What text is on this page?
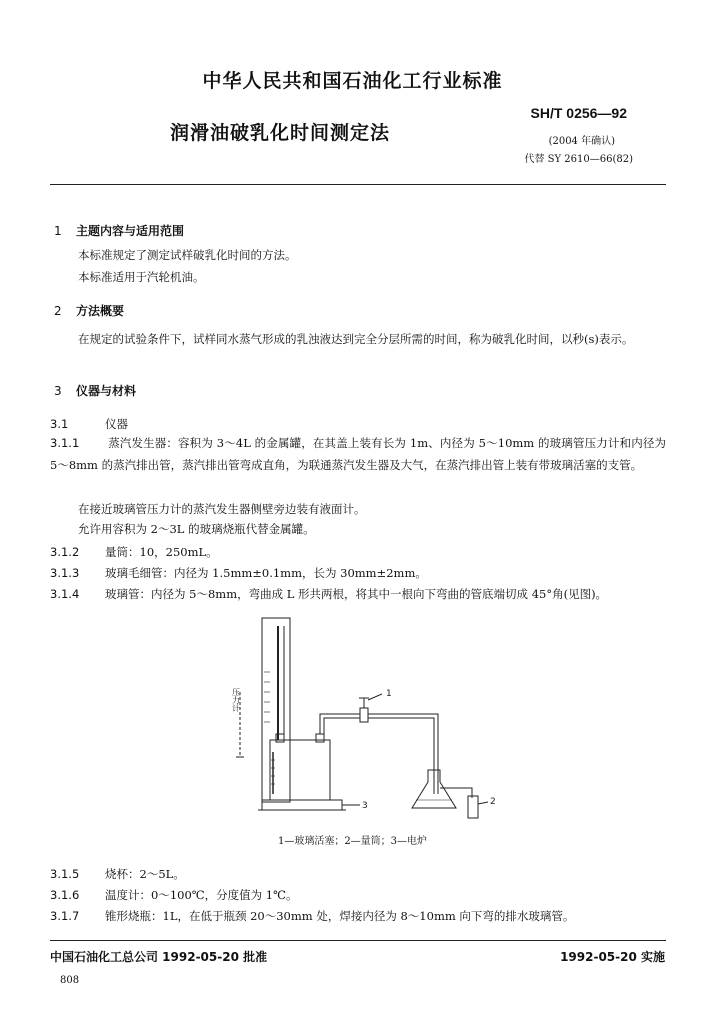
中华人民共和国石油化工行业标准
SH/T 0256—92
润滑油破乳化时间测定法	(2004 年确认)
代替 SY 2610—66(82)
1 主题内容与适用范围
本标准规定了测定试样破乳化时间的方法。
本标准适用于汽轮机油。
2 方法概要
在规定的试验条件下，试样同水蒸气形成的乳浊液达到完全分层所需的时间，称为破乳化时间，以秒(s)表示。
3 仪器与材料
3.1	仪器
3.1.1 蒸汽发生器：容积为 3～4L 的金属罐，在其盖上装有长为 1m、内径为 5～10mm 的玻璃管压力计和内径为 5～8mm 的蒸汽排出管，蒸汽排出管弯成直角，为联通蒸汽发生器及大气，在蒸汽排出管上装有带玻璃活塞的支管。
在接近玻璃管压力计的蒸汽发生器侧壁旁边装有液面计。
允许用容积为 2～3L 的玻璃烧瓶代替金属罐。
3.1.2 量筒：10，250mL。
3.1.3 玻璃毛细管：内径为 1.5mm±0.1mm，长为 30mm±2mm。
3.1.4 玻璃管：内径为 5～8mm，弯曲成 L 形共两根，将其中一根向下弯曲的管底端切成 45°角(见图)。
1
2
3
压力计
1—玻璃活塞；2—量筒；3—电炉
3.1.5 烧杯：2～5L。
3.1.6 温度计：0～100℃，分度值为 1℃。
3.1.7 锥形烧瓶：1L，在低于瓶颈 20～30mm 处，焊接内径为 8～10mm 向下弯的排水玻璃管。
中国石油化工总公司 1992-05-20 批准	1992-05-20 实施
808
